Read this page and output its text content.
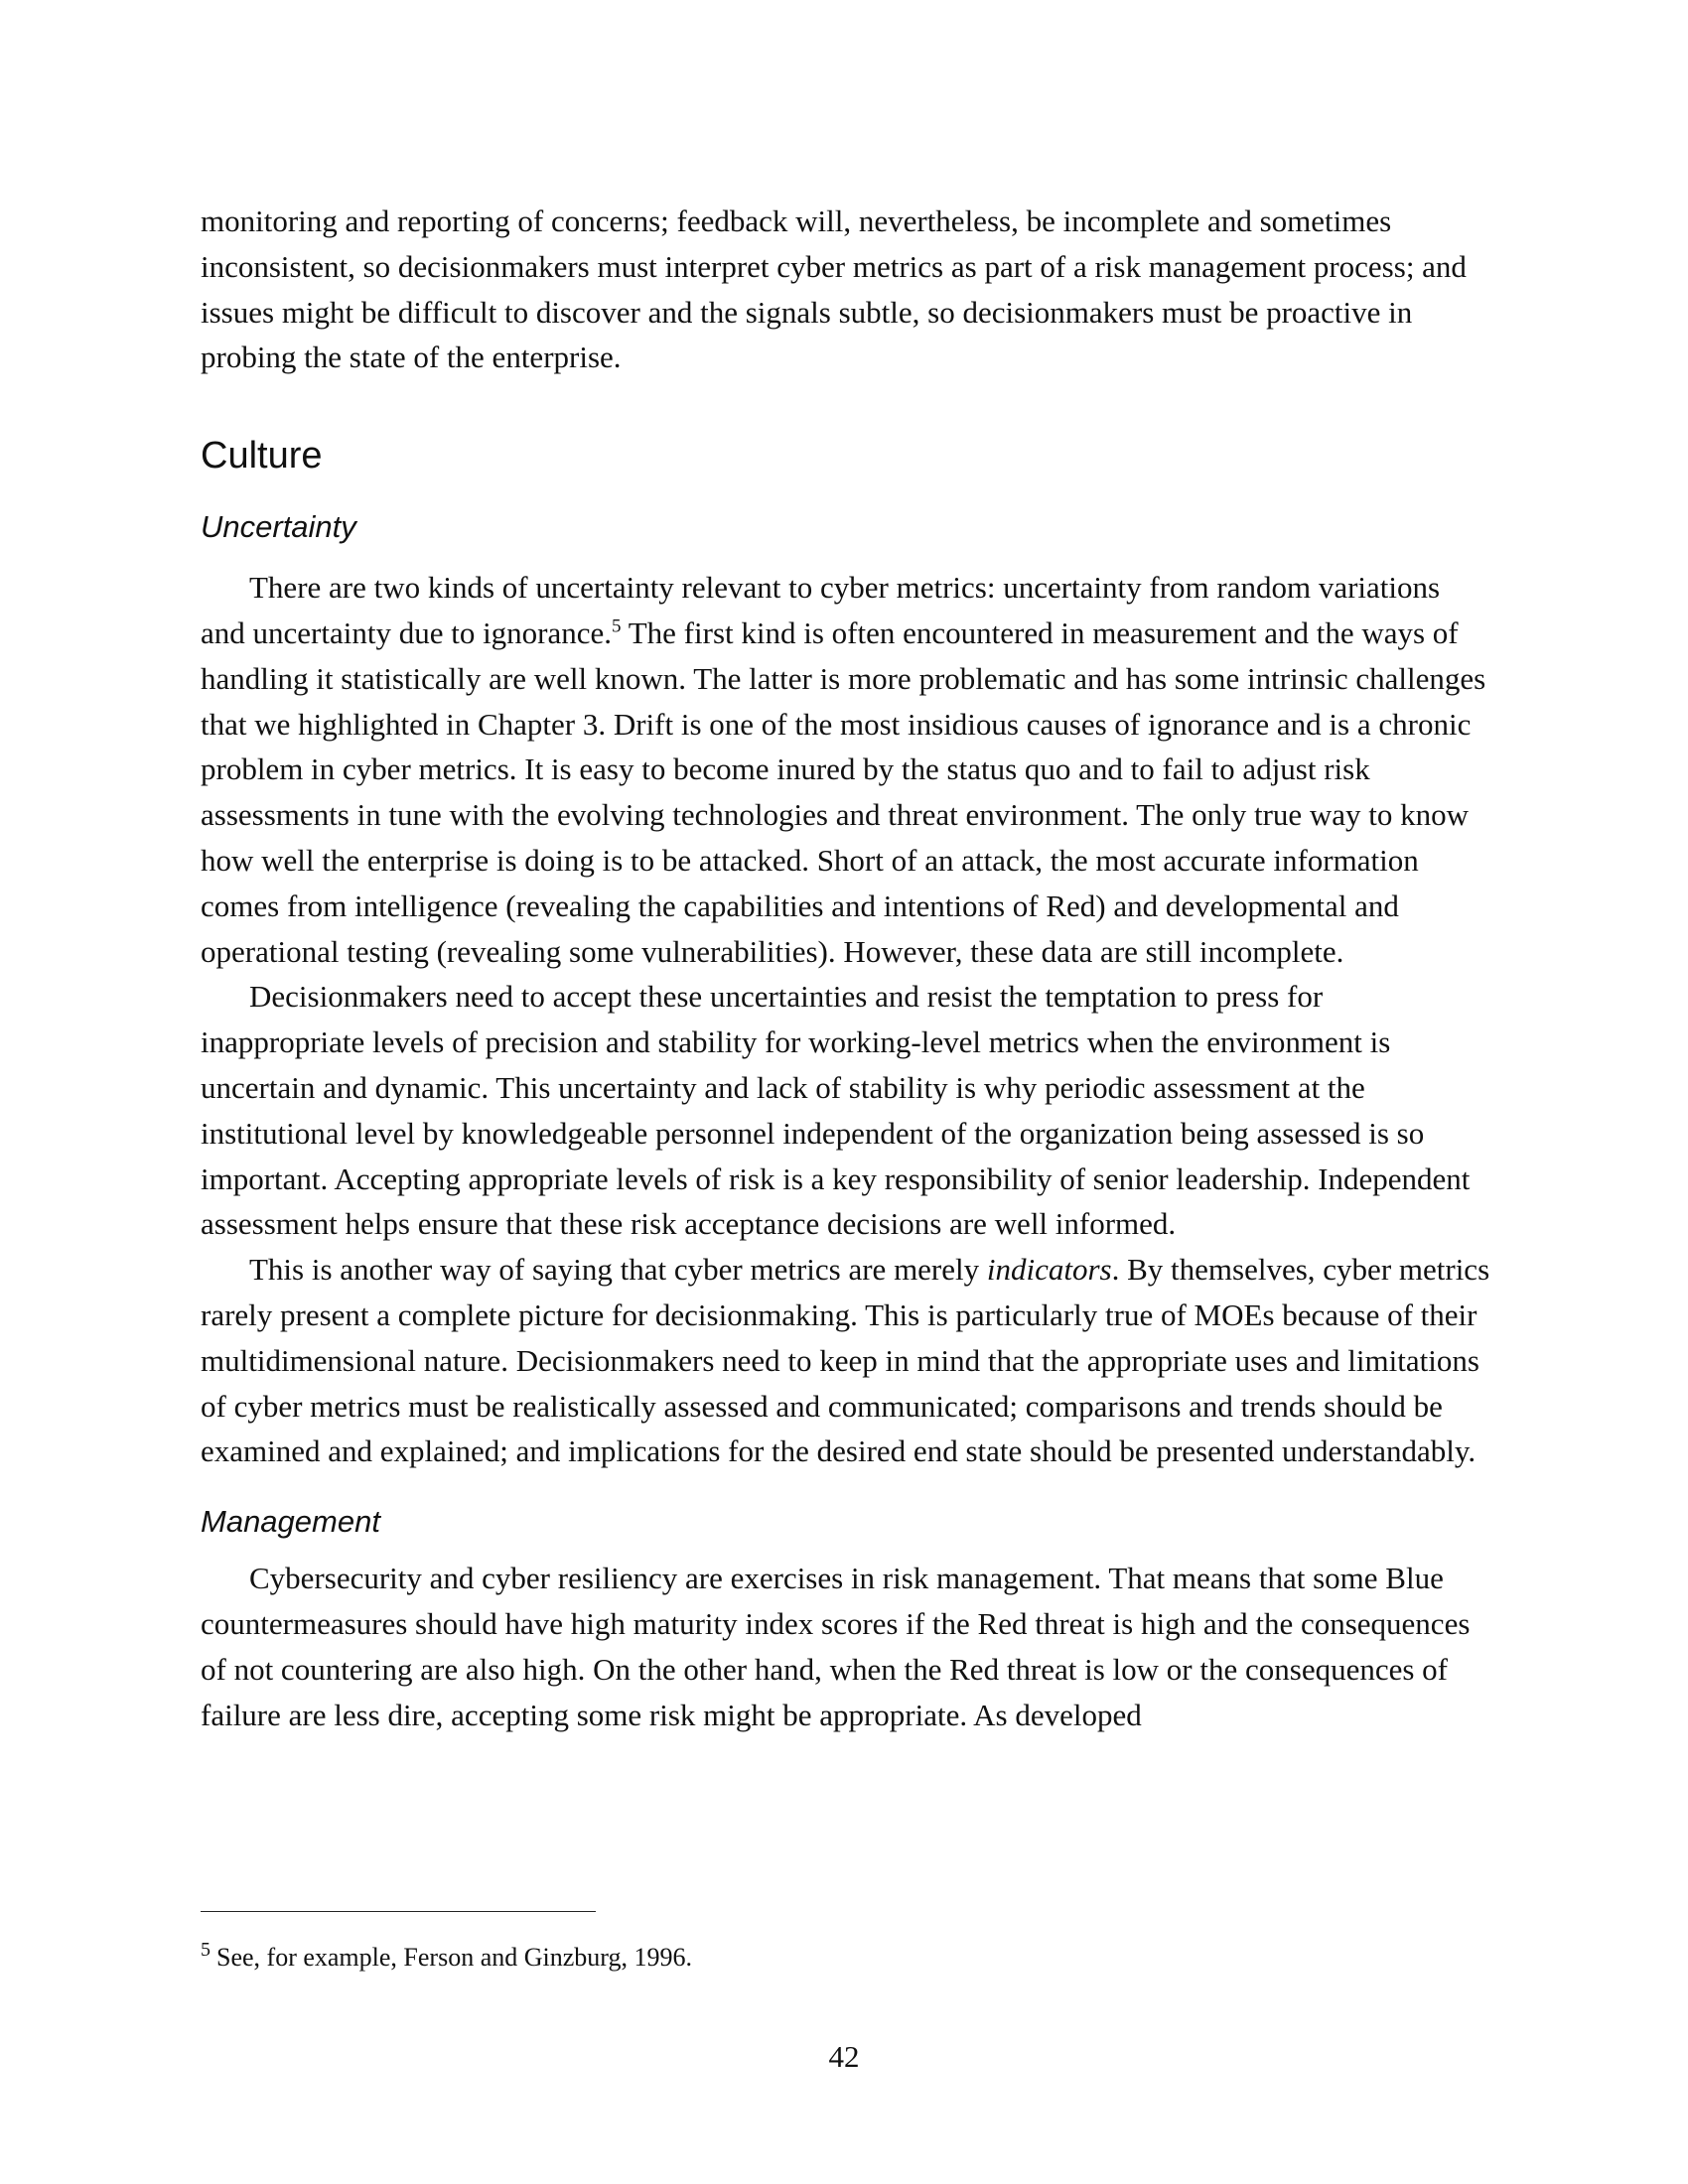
monitoring and reporting of concerns; feedback will, nevertheless, be incomplete and sometimes inconsistent, so decisionmakers must interpret cyber metrics as part of a risk management process; and issues might be difficult to discover and the signals subtle, so decisionmakers must be proactive in probing the state of the enterprise.

Culture
Uncertainty

There are two kinds of uncertainty relevant to cyber metrics: uncertainty from random variations and uncertainty due to ignorance.$^5$ The first kind is often encountered in measurement and the ways of handling it statistically are well known. The latter is more problematic and has some intrinsic challenges that we highlighted in Chapter 3. Drift is one of the most insidious causes of ignorance and is a chronic problem in cyber metrics. It is easy to become inured by the status quo and to fail to adjust risk assessments in tune with the evolving technologies and threat environment. The only true way to know how well the enterprise is doing is to be attacked. Short of an attack, the most accurate information comes from intelligence (revealing the capabilities and intentions of Red) and developmental and operational testing (revealing some vulnerabilities). However, these data are still incomplete.

Decisionmakers need to accept these uncertainties and resist the temptation to press for inappropriate levels of precision and stability for working-level metrics when the environment is uncertain and dynamic. This uncertainty and lack of stability is why periodic assessment at the institutional level by knowledgeable personnel independent of the organization being assessed is so important. Accepting appropriate levels of risk is a key responsibility of senior leadership. Independent assessment helps ensure that these risk acceptance decisions are well informed.

This is another way of saying that cyber metrics are merely indicators. By themselves, cyber metrics rarely present a complete picture for decisionmaking. This is particularly true of MOEs because of their multidimensional nature. Decisionmakers need to keep in mind that the appropriate uses and limitations of cyber metrics must be realistically assessed and communicated; comparisons and trends should be examined and explained; and implications for the desired end state should be presented understandably.

Management

Cybersecurity and cyber resiliency are exercises in risk management. That means that some Blue countermeasures should have high maturity index scores if the Red threat is high and the consequences of not countering are also high. On the other hand, when the Red threat is low or the consequences of failure are less dire, accepting some risk might be appropriate. As developed

$^5$ See, for example, Ferson and Ginzburg, 1996.
42
